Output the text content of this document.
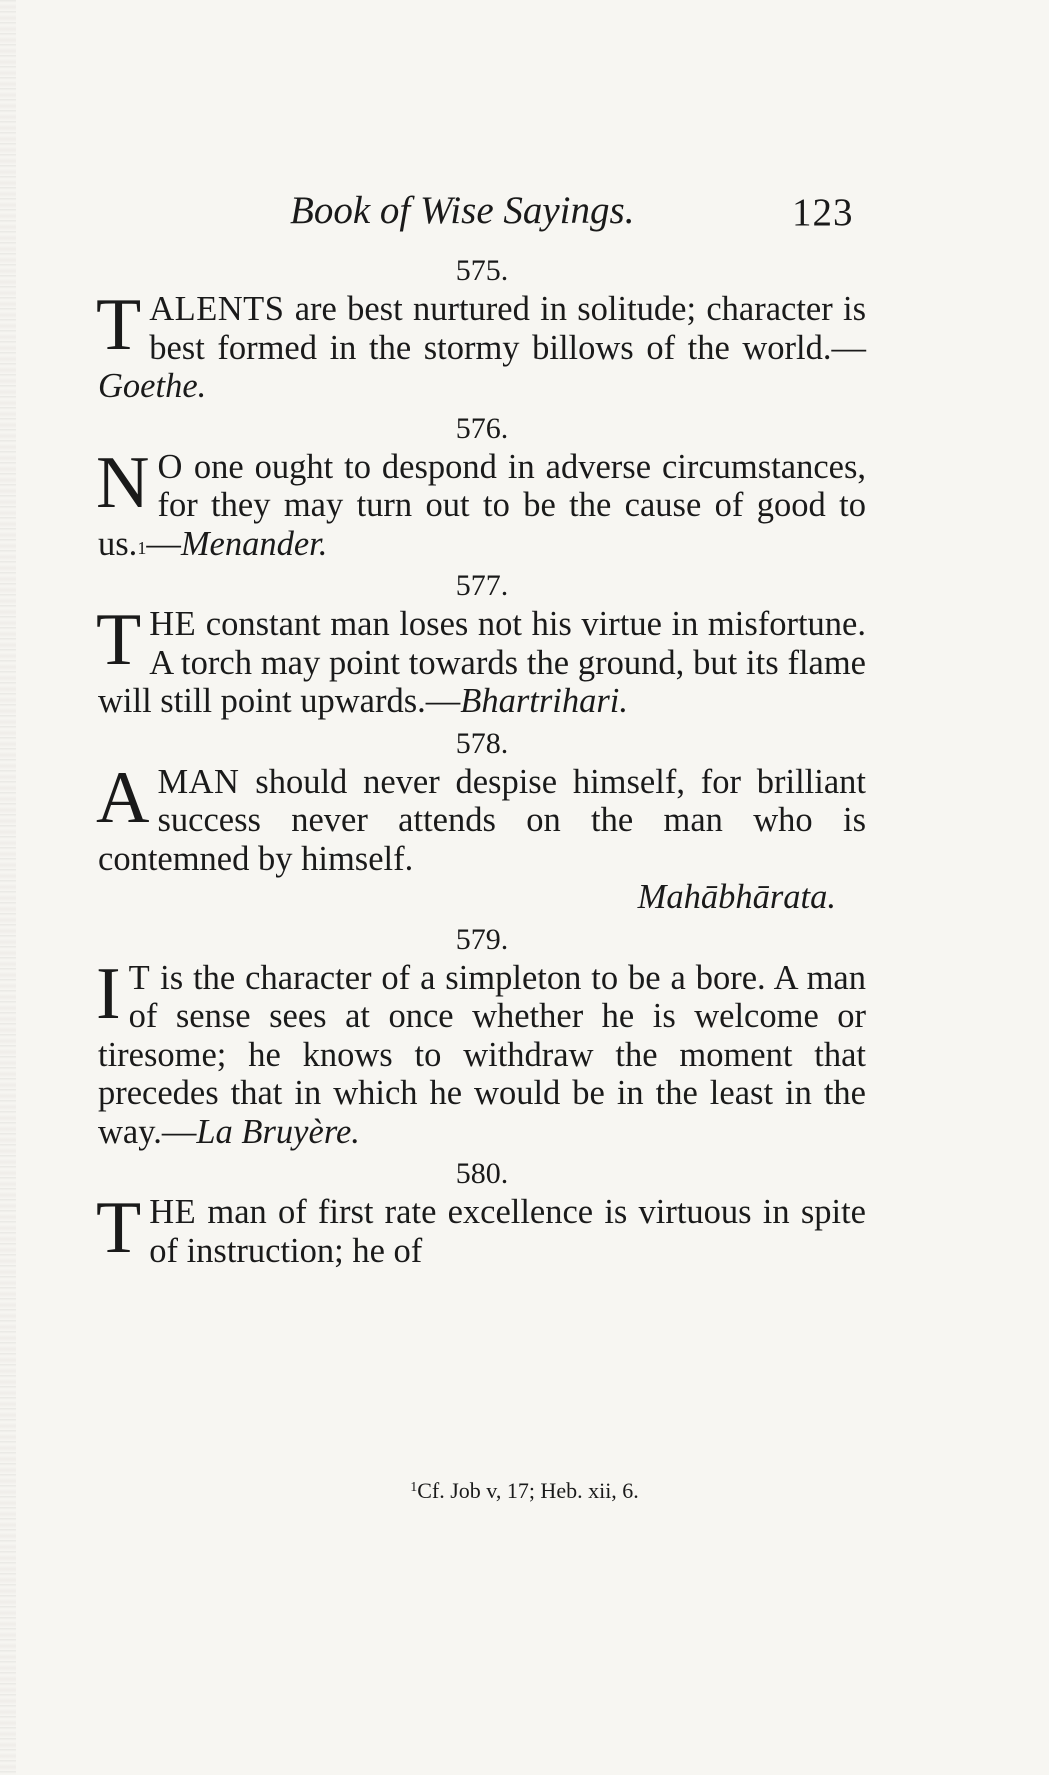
Book of Wise Sayings.	123
575.

TALENTS are best nurtured in solitude; character is best formed in the stormy billows of the world.—Goethe.

576.

N O one ought to despond in adverse circumstances, for they may turn out to be the cause of good to us.$^1$—Menander.

577.

THE constant man loses not his virtue in misfortune. A torch may point towards the ground, but its flame will still point upwards.—Bhartrihari.

578.

AMAN should never despise himself, for brilliant success never attends on the man who is contemned by himself.

Mahābhārata.
579.

I T is the character of a simpleton to be a bore. A man of sense sees at once whether he is welcome or tiresome; he knows to withdraw the moment that precedes that in which he would be in the least in the way.—La Bruyère.

580.

THE man of first rate excellence is virtuous in spite of instruction; he of

$^1$Cf. Job v, 17; Heb. xii, 6.
